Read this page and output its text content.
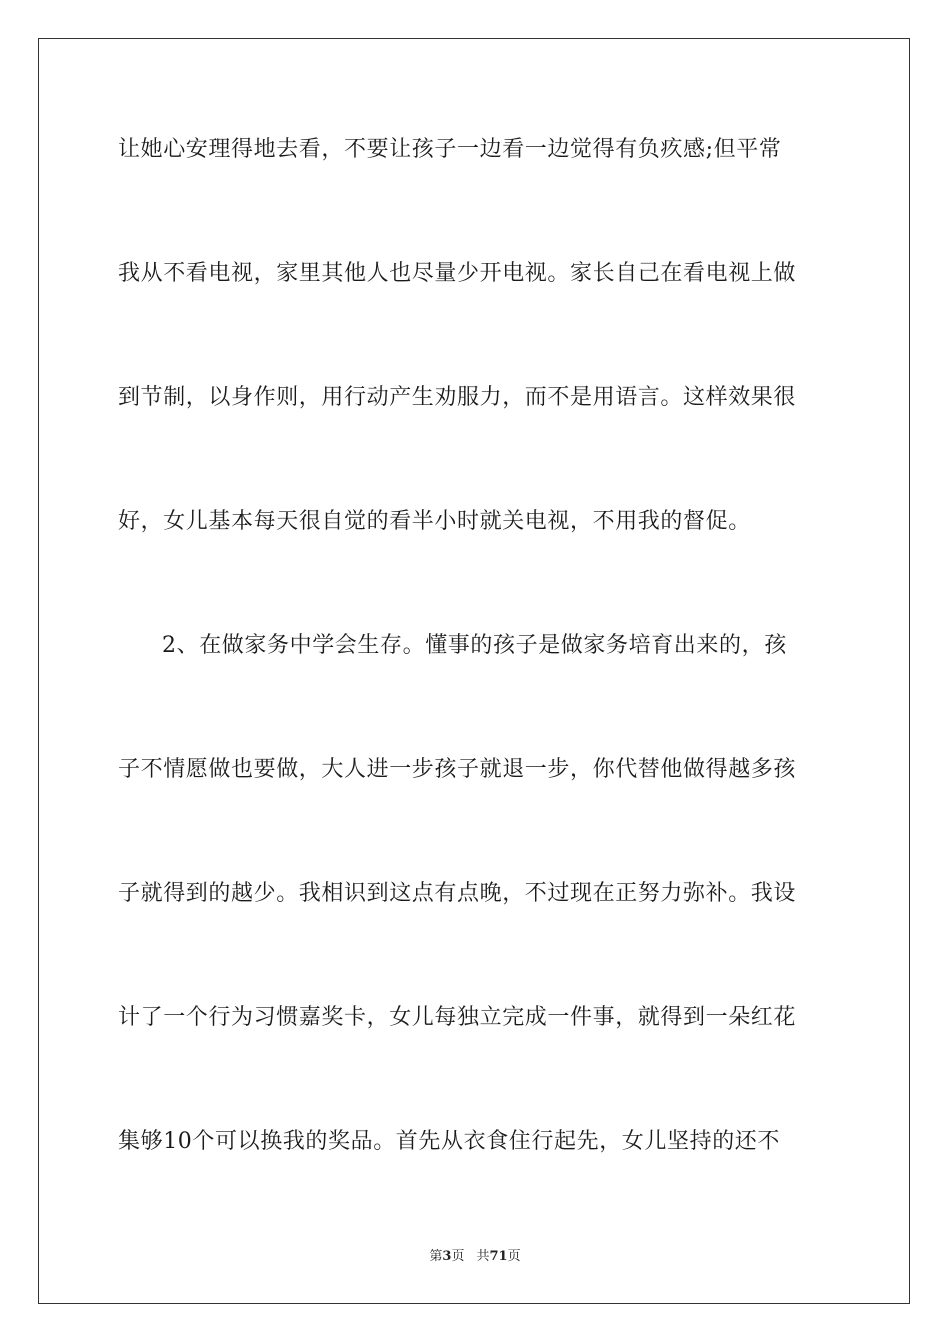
让她心安理得地去看，不要让孩子一边看一边觉得有负疚感;但平常
我从不看电视，家里其他人也尽量少开电视。家长自己在看电视上做
到节制，以身作则，用行动产生劝服力，而不是用语言。这样效果很
好，女儿基本每天很自觉的看半小时就关电视，不用我的督促。
2、在做家务中学会生存。懂事的孩子是做家务培育出来的，孩
子不情愿做也要做，大人进一步孩子就退一步，你代替他做得越多孩
子就得到的越少。我相识到这点有点晚，不过现在正努力弥补。我设
计了一个行为习惯嘉奖卡，女儿每独立完成一件事，就得到一朵红花
集够10个可以换我的奖品。首先从衣食住行起先，女儿坚持的还不
第3页 共71页
